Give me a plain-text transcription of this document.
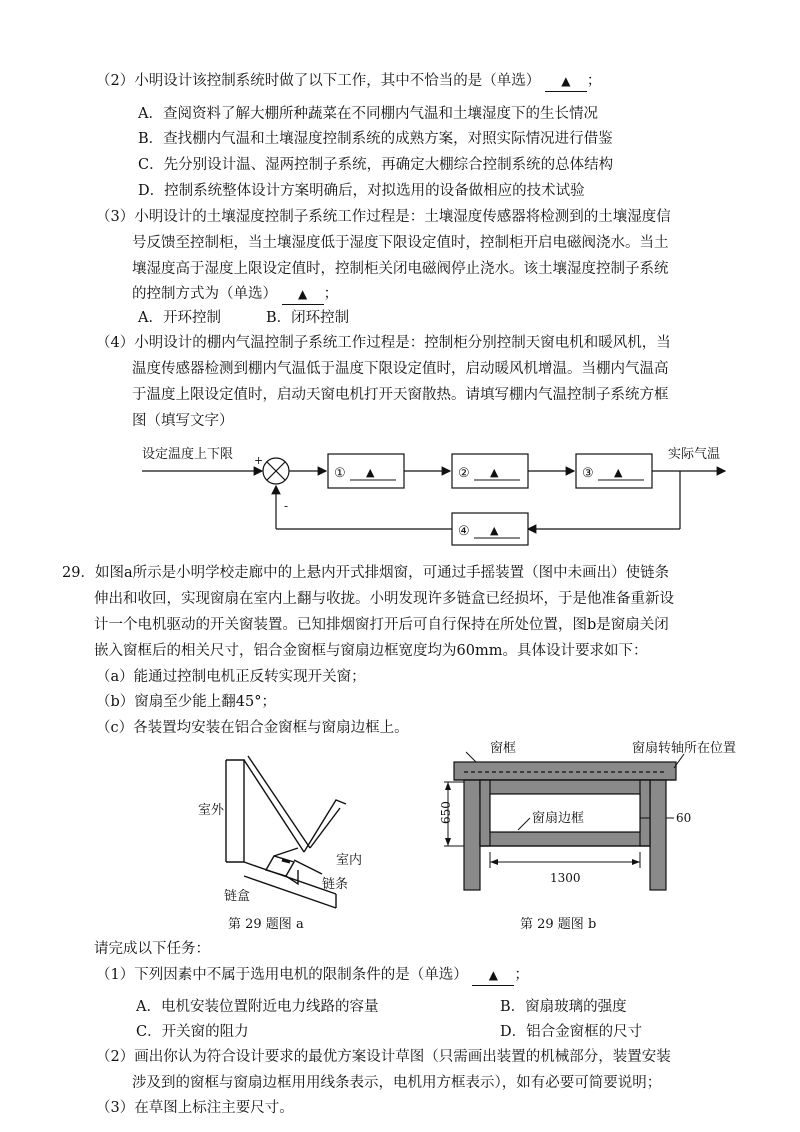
（2）小明设计该控制系统时做了以下工作，其中不恰当的是（单选） ▲ ；
A．查阅资料了解大棚所种蔬菜在不同棚内气温和土壤湿度下的生长情况
B．查找棚内气温和土壤湿度控制系统的成熟方案，对照实际情况进行借鉴
C．先分别设计温、湿两控制子系统，再确定大棚综合控制系统的总体结构
D．控制系统整体设计方案明确后，对拟选用的设备做相应的技术试验
（3）小明设计的土壤湿度控制子系统工作过程是：土壤湿度传感器将检测到的土壤湿度信
号反馈至控制柜，当土壤湿度低于湿度下限设定值时，控制柜开启电磁阀浇水。当土
壤湿度高于湿度上限设定值时，控制柜关闭电磁阀停止浇水。该土壤湿度控制子系统
的控制方式为（单选） ▲ ；
A．开环控制	B．闭环控制
（4）小明设计的棚内气温控制子系统工作过程是：控制柜分别控制天窗电机和暖风机，当
温度传感器检测到棚内气温低于温度下限设定值时，启动暖风机增温。当棚内气温高
于温度上限设定值时，启动天窗电机打开天窗散热。请填写棚内气温控制子系统方框
图（填写文字）
设定温度上下限	实际气温
+
① ▲	② ▲	③ ▲
④ ▲
-
29．如图a所示是小明学校走廊中的上悬内开式排烟窗，可通过手摇装置（图中未画出）使链条
伸出和收回，实现窗扇在室内上翻与收拢。小明发现许多链盒已经损坏，于是他准备重新设
计一个电机驱动的开关窗装置。已知排烟窗打开后可自行保持在所处位置，图b是窗扇关闭
嵌入窗框后的相关尺寸，铝合金窗框与窗扇边框宽度均为60mm。具体设计要求如下：
（a）能通过控制电机正反转实现开关窗；
（b）窗扇至少能上翻45°；
（c）各装置均安装在铝合金窗框与窗扇边框上。
室外
室内
链盒
链条
第 29 题图 a
窗框	窗扇转轴所在位置
窗扇边框
650
1300
60
第 29 题图 b
请完成以下任务：
（1）下列因素中不属于选用电机的限制条件的是（单选） ▲ ；
A．电机安装位置附近电力线路的容量	B．窗扇玻璃的强度
C．开关窗的阻力	D．铝合金窗框的尺寸
（2）画出你认为符合设计要求的最优方案设计草图（只需画出装置的机械部分，装置安装
涉及到的窗框与窗扇边框用用线条表示，电机用方框表示），如有必要可简要说明；
（3）在草图上标注主要尺寸。
